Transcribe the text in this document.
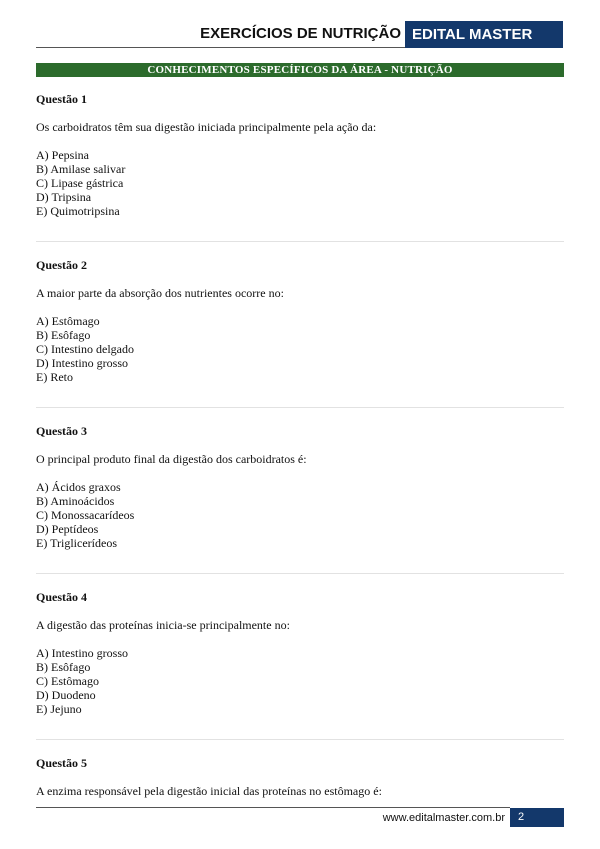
EXERCÍCIOS DE NUTRIÇÃO EDITAL MASTER
CONHECIMENTOS ESPECÍFICOS DA ÁREA - NUTRIÇÃO

Questão 1

Os carboidratos têm sua digestão iniciada principalmente pela ação da:

A) Pepsina
B) Amilase salivar
C) Lipase gástrica
D) Tripsina
E) Quimotripsina

Questão 2

A maior parte da absorção dos nutrientes ocorre no:

A) Estômago
B) Esôfago
C) Intestino delgado
D) Intestino grosso
E) Reto

Questão 3

O principal produto final da digestão dos carboidratos é:

A) Ácidos graxos
B) Aminoácidos
C) Monossacarídeos
D) Peptídeos
E) Triglicerídeos

Questão 4

A digestão das proteínas inicia-se principalmente no:

A) Intestino grosso
B) Esôfago
C) Estômago
D) Duodeno
E) Jejuno

Questão 5

A enzima responsável pela digestão inicial das proteínas no estômago é:

www.editalmaster.com.br	2
